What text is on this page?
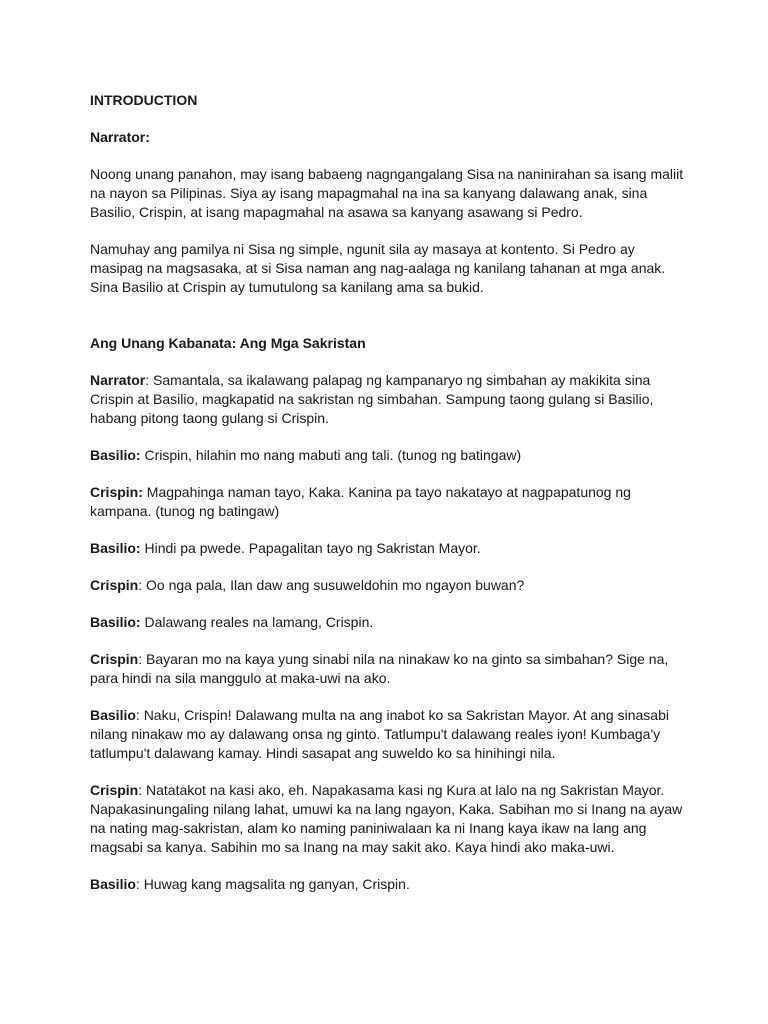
INTRODUCTION

Narrator:

Noong unang panahon, may isang babaeng nagngangalang Sisa na naninirahan sa isang maliit na nayon sa Pilipinas. Siya ay isang mapagmahal na ina sa kanyang dalawang anak, sina Basilio, Crispin, at isang mapagmahal na asawa sa kanyang asawang si Pedro.

Namuhay ang pamilya ni Sisa ng simple, ngunit sila ay masaya at kontento. Si Pedro ay masipag na magsasaka, at si Sisa naman ang nag-aalaga ng kanilang tahanan at mga anak. Sina Basilio at Crispin ay tumutulong sa kanilang ama sa bukid.

Ang Unang Kabanata: Ang Mga Sakristan

Narrator: Samantala, sa ikalawang palapag ng kampanaryo ng simbahan ay makikita sina Crispin at Basilio, magkapatid na sakristan ng simbahan. Sampung taong gulang si Basilio, habang pitong taong gulang si Crispin.

Basilio: Crispin, hilahin mo nang mabuti ang tali. (tunog ng batingaw)

Crispin: Magpahinga naman tayo, Kaka. Kanina pa tayo nakatayo at nagpapatunog ng kampana. (tunog ng batingaw)

Basilio: Hindi pa pwede. Papagalitan tayo ng Sakristan Mayor.

Crispin: Oo nga pala, Ilan daw ang susuweldohin mo ngayon buwan?

Basilio: Dalawang reales na lamang, Crispin.

Crispin: Bayaran mo na kaya yung sinabi nila na ninakaw ko na ginto sa simbahan? Sige na, para hindi na sila manggulo at maka-uwi na ako.

Basilio: Naku, Crispin! Dalawang multa na ang inabot ko sa Sakristan Mayor. At ang sinasabi nilang ninakaw mo ay dalawang onsa ng ginto. Tatlumpu't dalawang reales iyon! Kumbaga'y tatlumpu't dalawang kamay. Hindi sasapat ang suweldo ko sa hinihingi nila.

Crispin: Natatakot na kasi ako, eh. Napakasama kasi ng Kura at lalo na ng Sakristan Mayor. Napakasinungaling nilang lahat, umuwi ka na lang ngayon, Kaka. Sabihan mo si Inang na ayaw na nating mag-sakristan, alam ko naming paniniwalaan ka ni Inang kaya ikaw na lang ang magsabi sa kanya. Sabihin mo sa Inang na may sakit ako. Kaya hindi ako maka-uwi.

Basilio: Huwag kang magsalita ng ganyan, Crispin.
